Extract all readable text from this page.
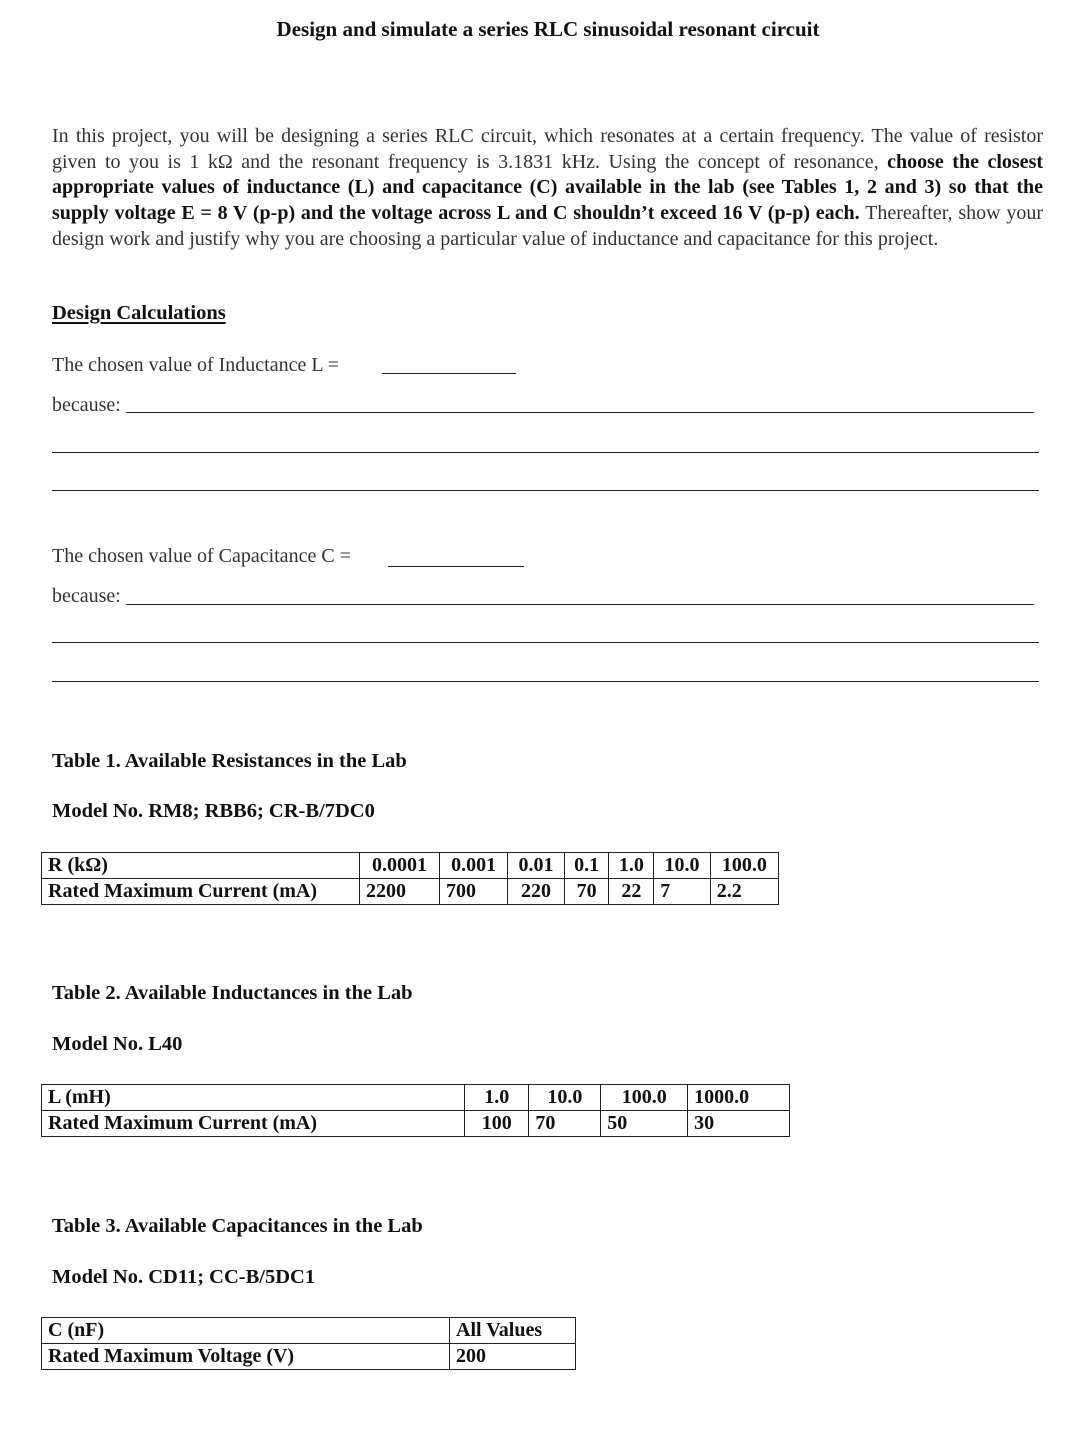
Design and simulate a series RLC sinusoidal resonant circuit
In this project, you will be designing a series RLC circuit, which resonates at a certain frequency. The value of resistor given to you is 1 kΩ and the resonant frequency is 3.1831 kHz. Using the concept of resonance, choose the closest appropriate values of inductance (L) and capacitance (C) available in the lab (see Tables 1, 2 and 3) so that the supply voltage E = 8 V (p-p) and the voltage across L and C shouldn’t exceed 16 V (p-p) each. Thereafter, show your design work and justify why you are choosing a particular value of inductance and capacitance for this project.
Design Calculations
The chosen value of Inductance L =
because:
The chosen value of Capacitance C =
because:
Table 1. Available Resistances in the Lab
Model No. RM8; RBB6; CR-B/7DC0
R (kΩ)	0.0001	0.001	0.01	0.1	1.0	10.0	100.0
Rated Maximum Current (mA)	2200	700	220	70	22	7	2.2
Table 2. Available Inductances in the Lab
Model No. L40
L (mH)	1.0	10.0	100.0	1000.0
Rated Maximum Current (mA)	100	70	50	30
Table 3. Available Capacitances in the Lab
Model No. CD11; CC-B/5DC1
C (nF)	All Values
Rated Maximum Voltage (V)	200
